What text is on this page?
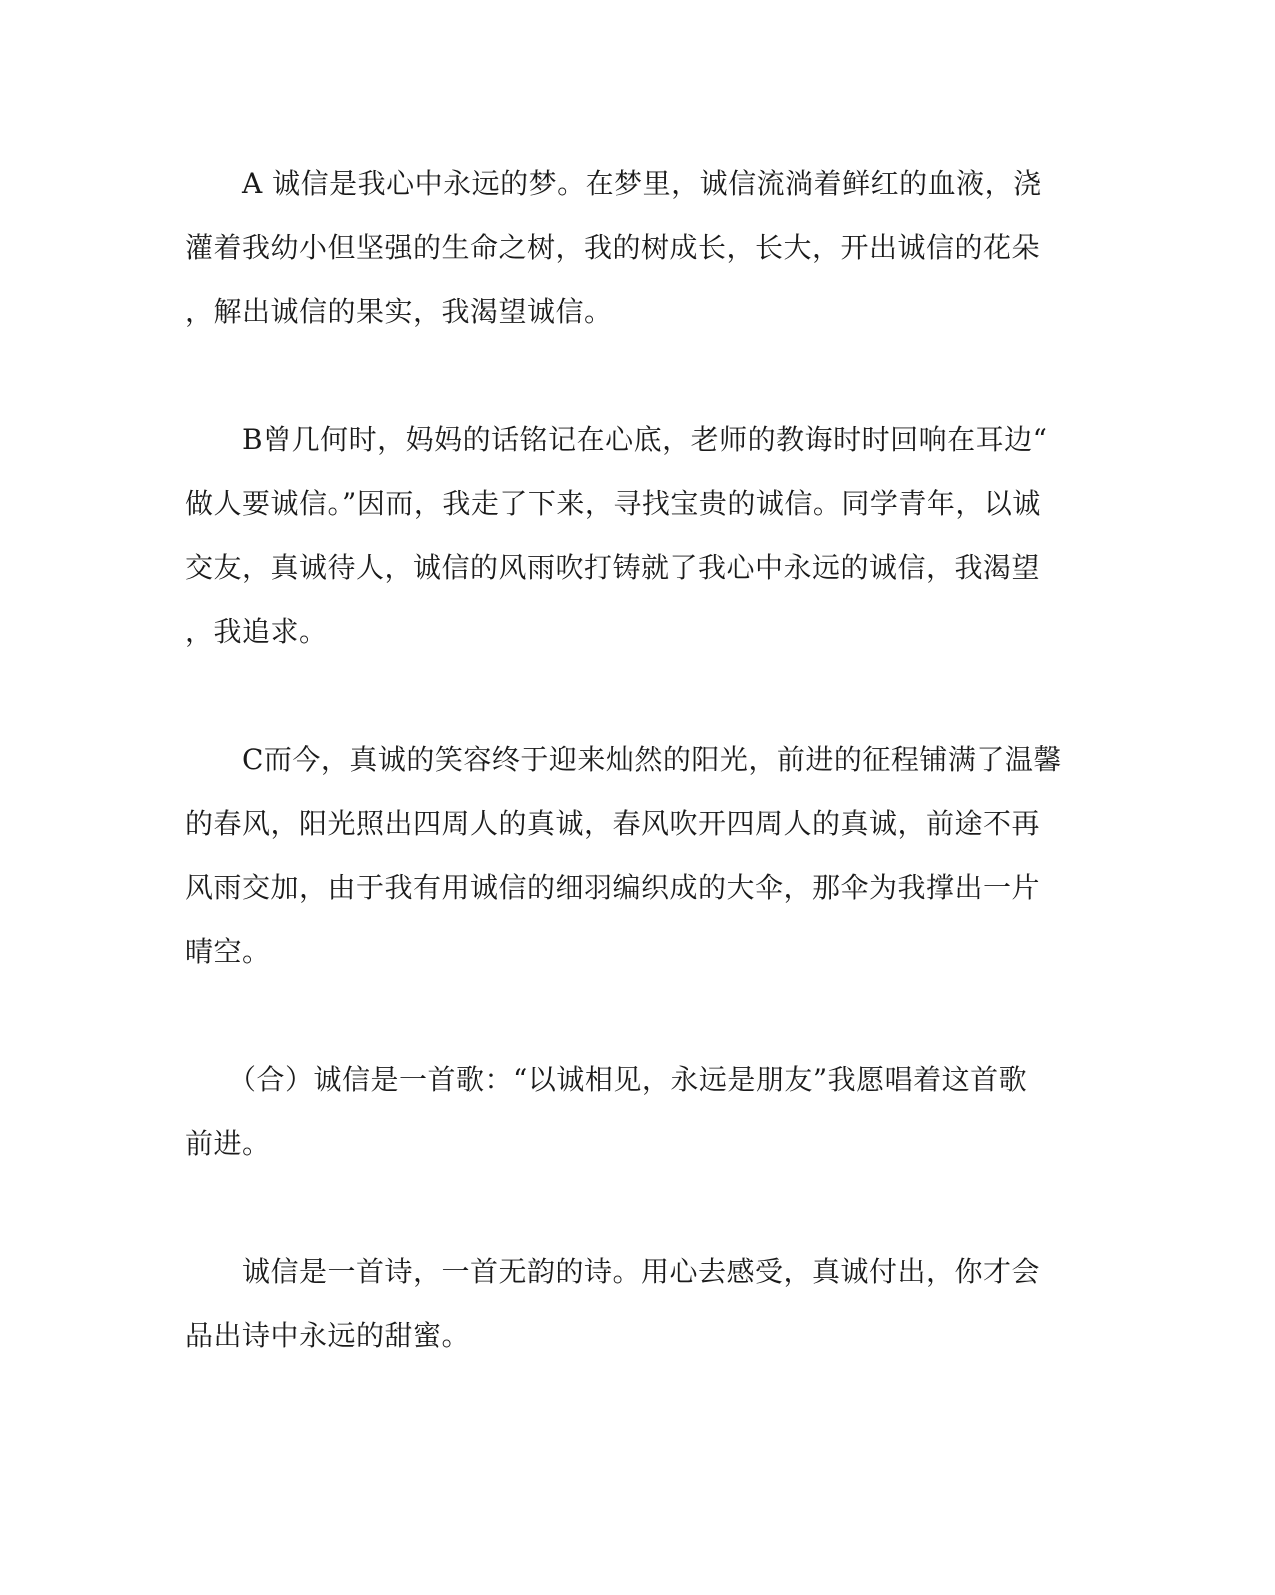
　　A 诚信是我心中永远的梦。在梦里，诚信流淌着鲜红的血液，浇
灌着我幼小但坚强的生命之树，我的树成长，长大，开出诚信的花朵
，解出诚信的果实，我渴望诚信。
　　B曾几何时，妈妈的话铭记在心底，老师的教诲时时回响在耳边“
做人要诚信。”因而，我走了下来，寻找宝贵的诚信。同学青年，以诚
交友，真诚待人，诚信的风雨吹打铸就了我心中永远的诚信，我渴望
，我追求。
　　C而今，真诚的笑容终于迎来灿然的阳光，前进的征程铺满了温馨
的春风，阳光照出四周人的真诚，春风吹开四周人的真诚，前途不再
风雨交加，由于我有用诚信的细羽编织成的大伞，那伞为我撑出一片
晴空。
　　（合）诚信是一首歌：“以诚相见，永远是朋友”我愿唱着这首歌
前进。
　　诚信是一首诗，一首无韵的诗。用心去感受，真诚付出，你才会
品出诗中永远的甜蜜。
